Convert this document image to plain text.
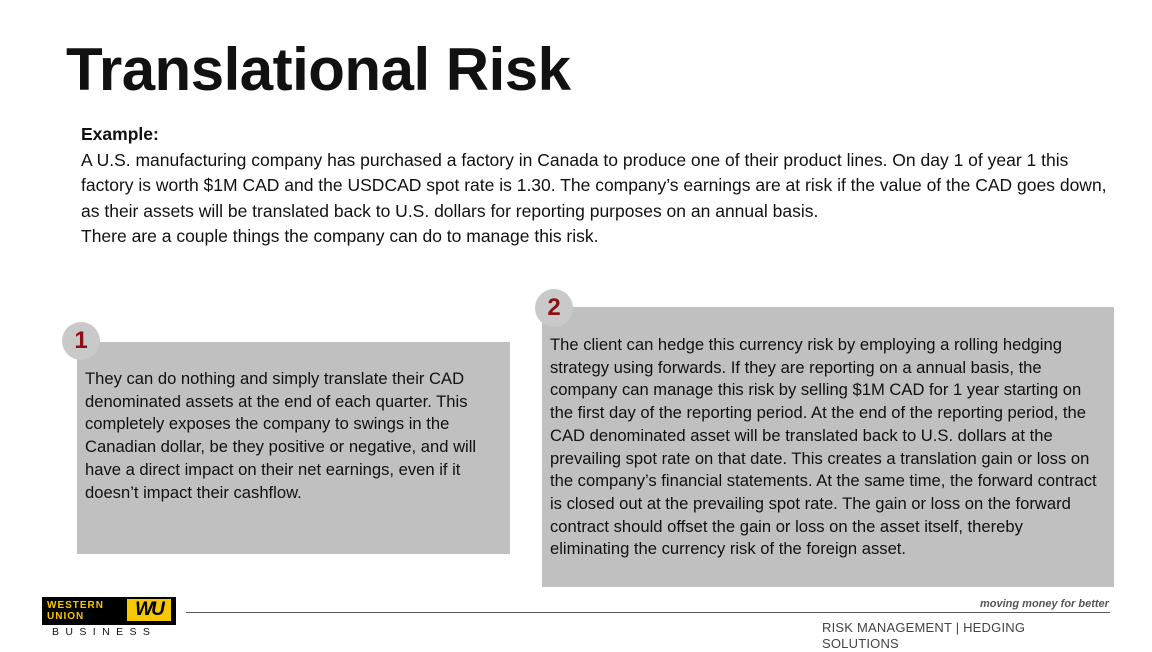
Translational Risk
Example:

A U.S. manufacturing company has purchased a factory in Canada to produce one of their product lines. On day 1 of year 1 this factory is worth $1M CAD and the USDCAD spot rate is 1.30. The company’s earnings are at risk if the value of the CAD goes down, as their assets will be translated back to U.S. dollars for reporting purposes on an annual basis.

There are a couple things the company can do to manage this risk.

They can do nothing and simply translate their CAD denominated assets at the end of each quarter. This completely exposes the company to swings in the Canadian dollar, be they positive or negative, and will have a direct impact on their net earnings, even if it doesn’t impact their cashflow.
1	The client can hedge this currency risk by employing a rolling hedging strategy using forwards. If they are reporting on a annual basis, the company can manage this risk by selling $1M CAD for 1 year starting on the first day of the reporting period. At the end of the reporting period, the CAD denominated asset will be translated back to U.S. dollars at the prevailing spot rate on that date. This creates a translation gain or loss on the company’s financial statements. At the same time, the forward contract is closed out at the prevailing spot rate. The gain or loss on the forward contract should offset the gain or loss on the asset itself, thereby eliminating the currency risk of the foreign asset.
2
WESTERN
UNION	WU
BUSINESS
moving money for better
RISK MANAGEMENT | HEDGING SOLUTIONS
